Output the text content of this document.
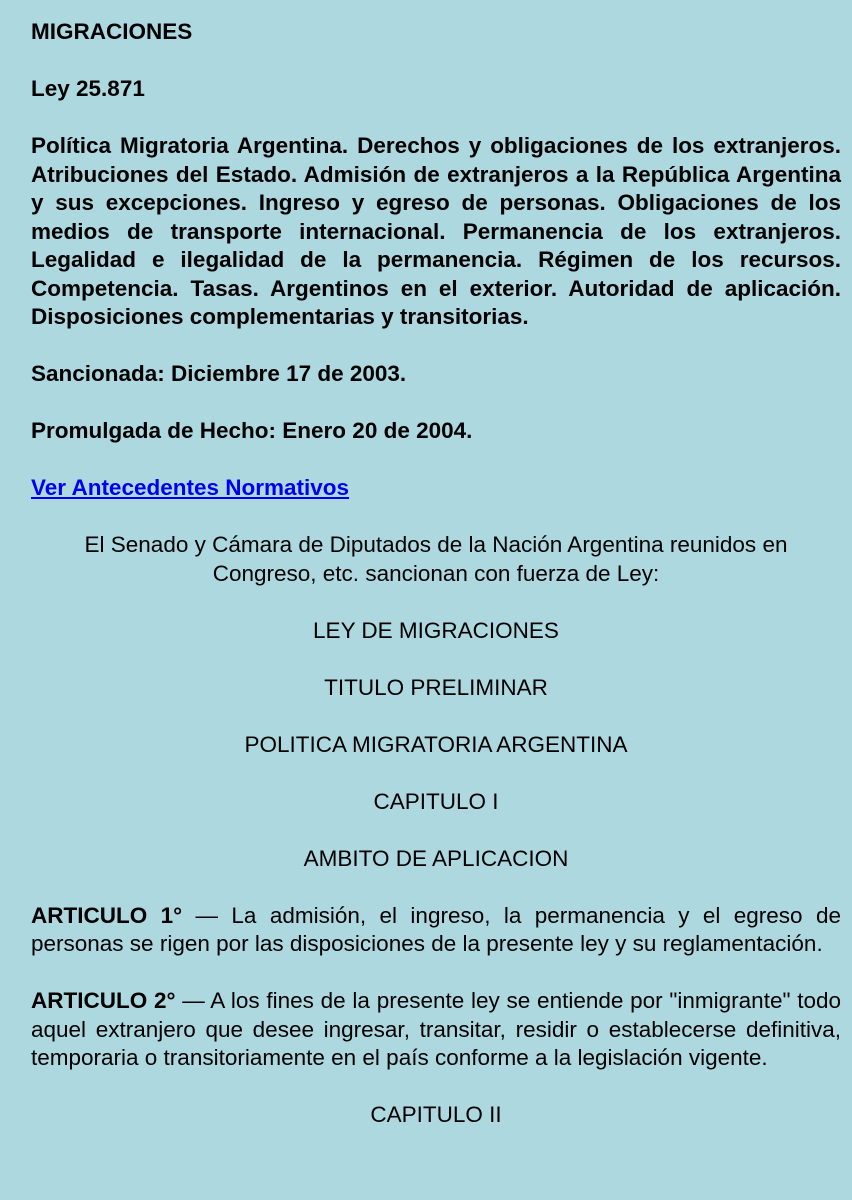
MIGRACIONES

Ley 25.871

Política Migratoria Argentina. Derechos y obligaciones de los extranjeros. Atribuciones del Estado. Admisión de extranjeros a la República Argentina y sus excepciones. Ingreso y egreso de personas. Obligaciones de los medios de transporte internacional. Permanencia de los extranjeros. Legalidad e ilegalidad de la permanencia. Régimen de los recursos. Competencia. Tasas. Argentinos en el exterior. Autoridad de aplicación. Disposiciones complementarias y transitorias.

Sancionada: Diciembre 17 de 2003.

Promulgada de Hecho: Enero 20 de 2004.

Ver Antecedentes Normativos

El Senado y Cámara de Diputados de la Nación Argentina reunidos en Congreso, etc. sancionan con fuerza de Ley:

LEY DE MIGRACIONES

TITULO PRELIMINAR

POLITICA MIGRATORIA ARGENTINA

CAPITULO I

AMBITO DE APLICACION

ARTICULO 1° — La admisión, el ingreso, la permanencia y el egreso de personas se rigen por las disposiciones de la presente ley y su reglamentación.

ARTICULO 2° — A los fines de la presente ley se entiende por "inmigrante" todo aquel extranjero que desee ingresar, transitar, residir o establecerse definitiva, temporaria o transitoriamente en el país conforme a la legislación vigente.

CAPITULO II
